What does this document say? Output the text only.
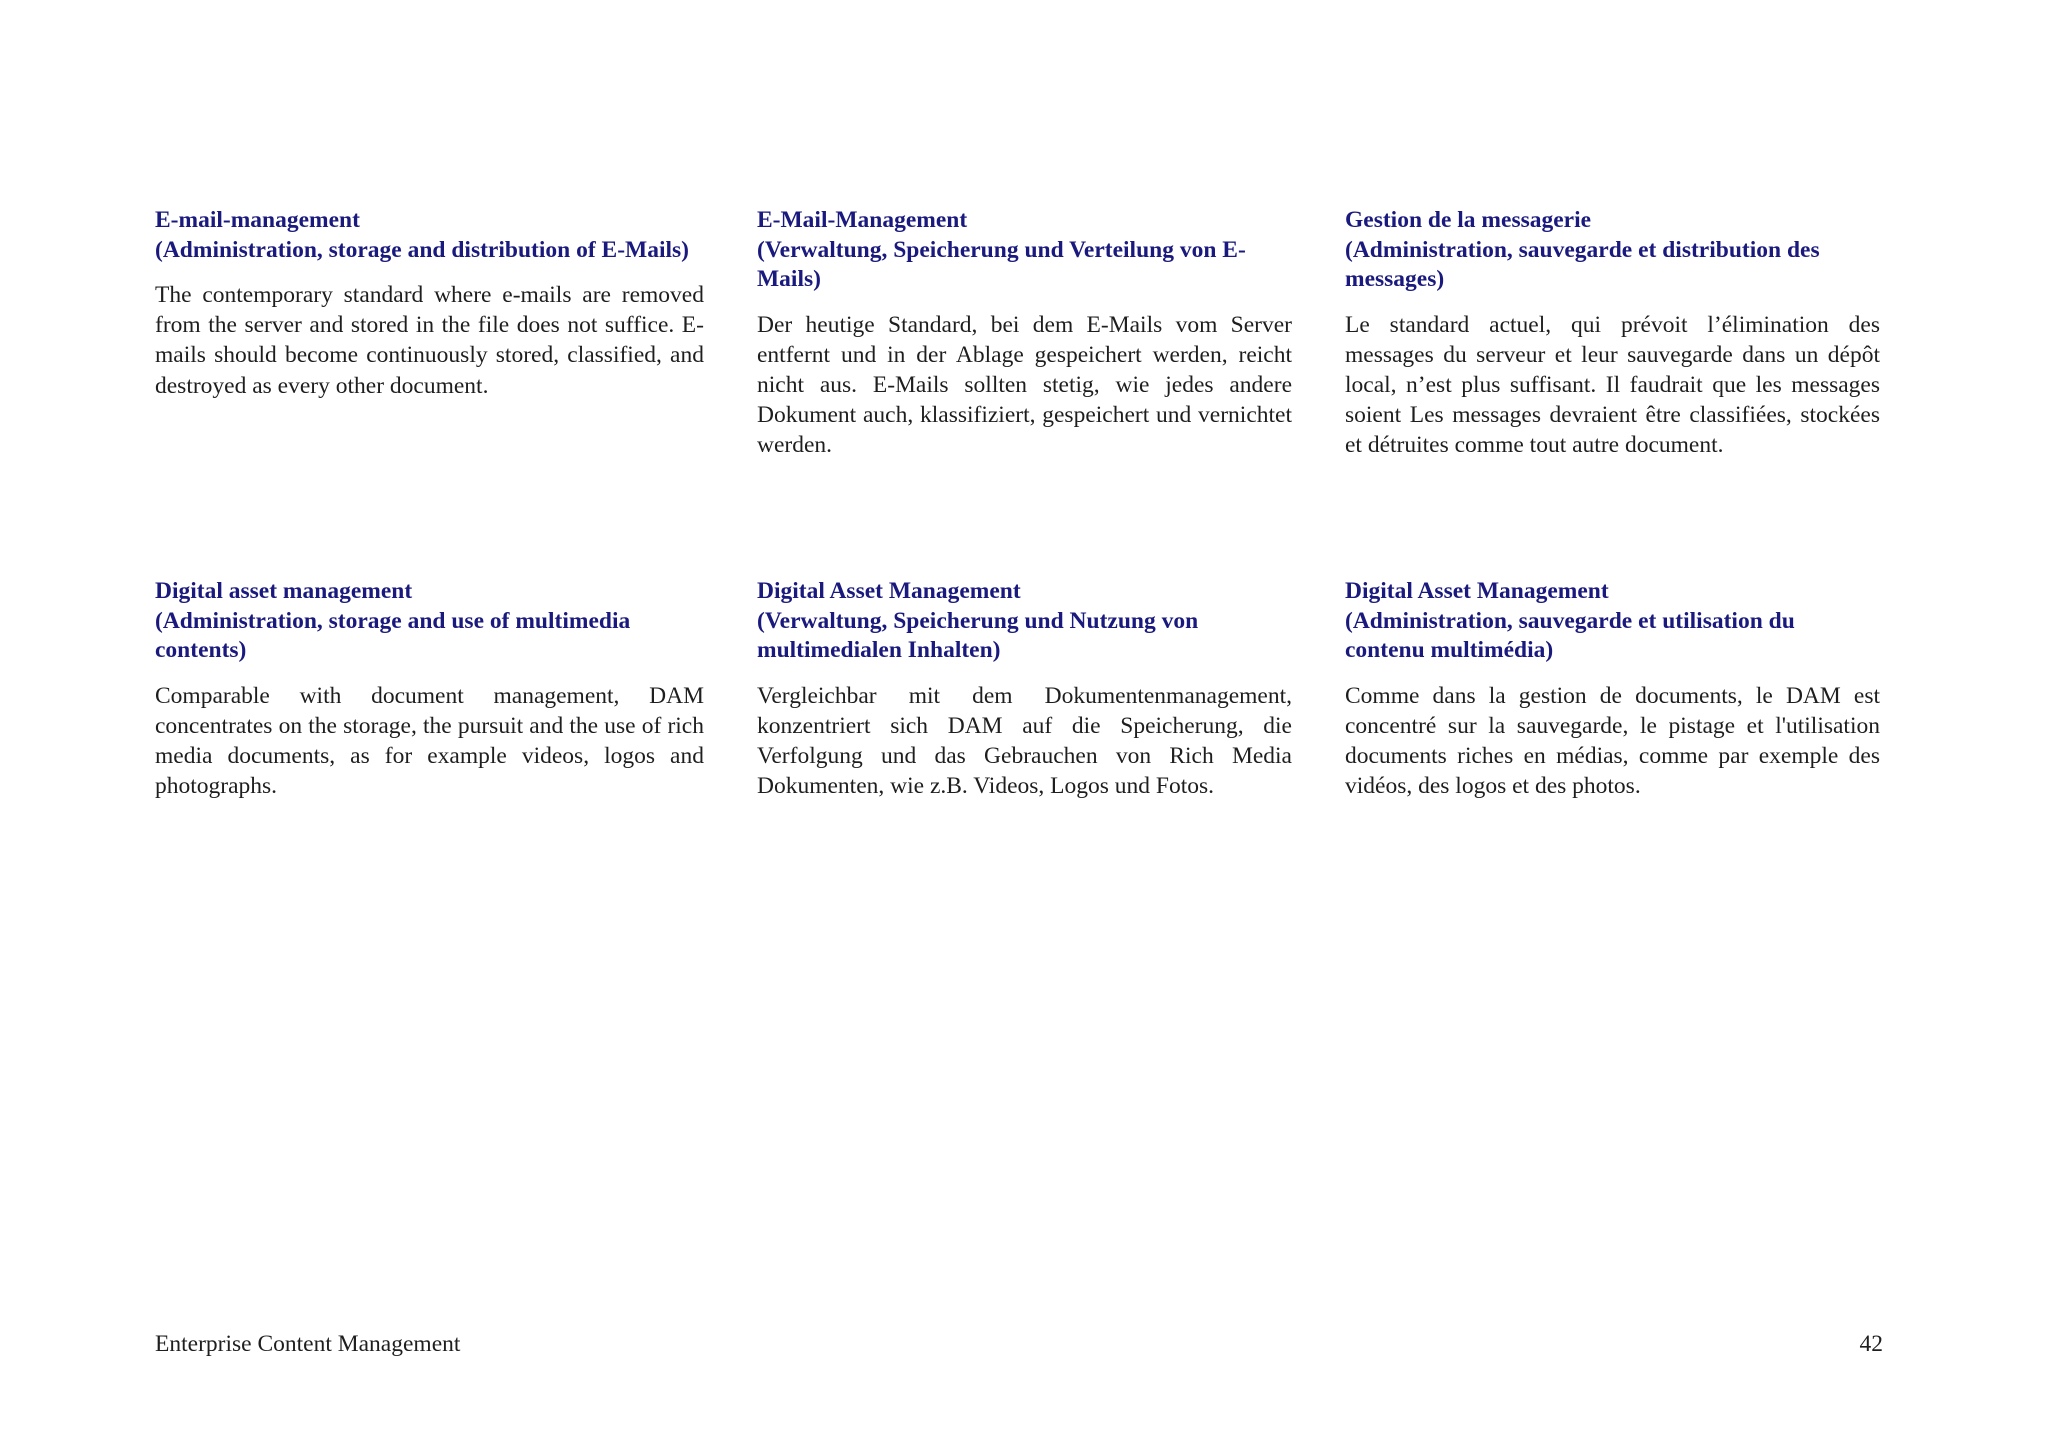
E-mail-management
(Administration, storage and distribution of E-Mails)

The contemporary standard where e-mails are removed from the server and stored in the file does not suffice. E-mails should become continuously stored, classified, and destroyed as every other document.

E-Mail-Management
(Verwaltung, Speicherung und Verteilung von E-Mails)

Der heutige Standard, bei dem E-Mails vom Server entfernt und in der Ablage gespeichert werden, reicht nicht aus. E-Mails sollten stetig, wie jedes andere Dokument auch, klassifiziert, gespeichert und vernichtet werden.

Gestion de la messagerie
(Administration, sauvegarde et distribution des messages)

Le standard actuel, qui prévoit l’élimination des messages du serveur et leur sauvegarde dans un dépôt local, n’est plus suffisant. Il faudrait que les messages soient Les messages devraient être classifiées, stockées et détruites comme tout autre document.

Digital asset management
(Administration, storage and use of multimedia contents)

Comparable with document management, DAM concentrates on the storage, the pursuit and the use of rich media documents, as for example videos, logos and photographs.

Digital Asset Management
(Verwaltung, Speicherung und Nutzung von multimedialen Inhalten)

Vergleichbar mit dem Dokumentenmanagement, konzentriert sich DAM auf die Speicherung, die Verfolgung und das Gebrauchen von Rich Media Dokumenten, wie z.B. Videos, Logos und Fotos.

Digital Asset Management
(Administration, sauvegarde et utilisation du contenu multimédia)

Comme dans la gestion de documents, le DAM est concentré sur la sauvegarde, le pistage et l'utilisation documents riches en médias, comme par exemple des vidéos, des logos et des photos.

Enterprise Content Management	42
